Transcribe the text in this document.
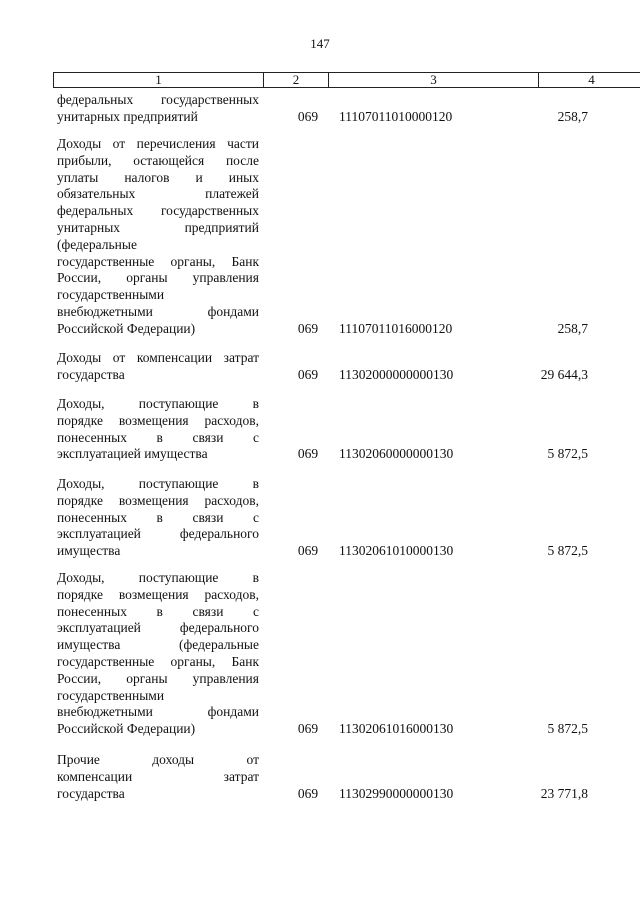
147
1	2	3	4
федеральных государственных
унитарных предприятий	069	11107011010000120	258,7
Доходы от перечисления части
прибыли, остающейся после
уплаты налогов и иных
обязательных платежей
федеральных государственных
унитарных предприятий
(федеральные
государственные органы, Банк
России, органы управления
государственными
внебюджетными фондами
Российской Федерации)	069	11107011016000120	258,7
Доходы от компенсации затрат
государства	069	11302000000000130	29 644,3
Доходы, поступающие в
порядке возмещения расходов,
понесенных в связи с
эксплуатацией имущества	069	11302060000000130	5 872,5
Доходы, поступающие в
порядке возмещения расходов,
понесенных в связи с
эксплуатацией федерального
имущества	069	11302061010000130	5 872,5
Доходы, поступающие в
порядке возмещения расходов,
понесенных в связи с
эксплуатацией федерального
имущества (федеральные
государственные органы, Банк
России, органы управления
государственными
внебюджетными фондами
Российской Федерации)	069	11302061016000130	5 872,5
Прочие доходы от
компенсации затрат
государства	069	11302990000000130	23 771,8
